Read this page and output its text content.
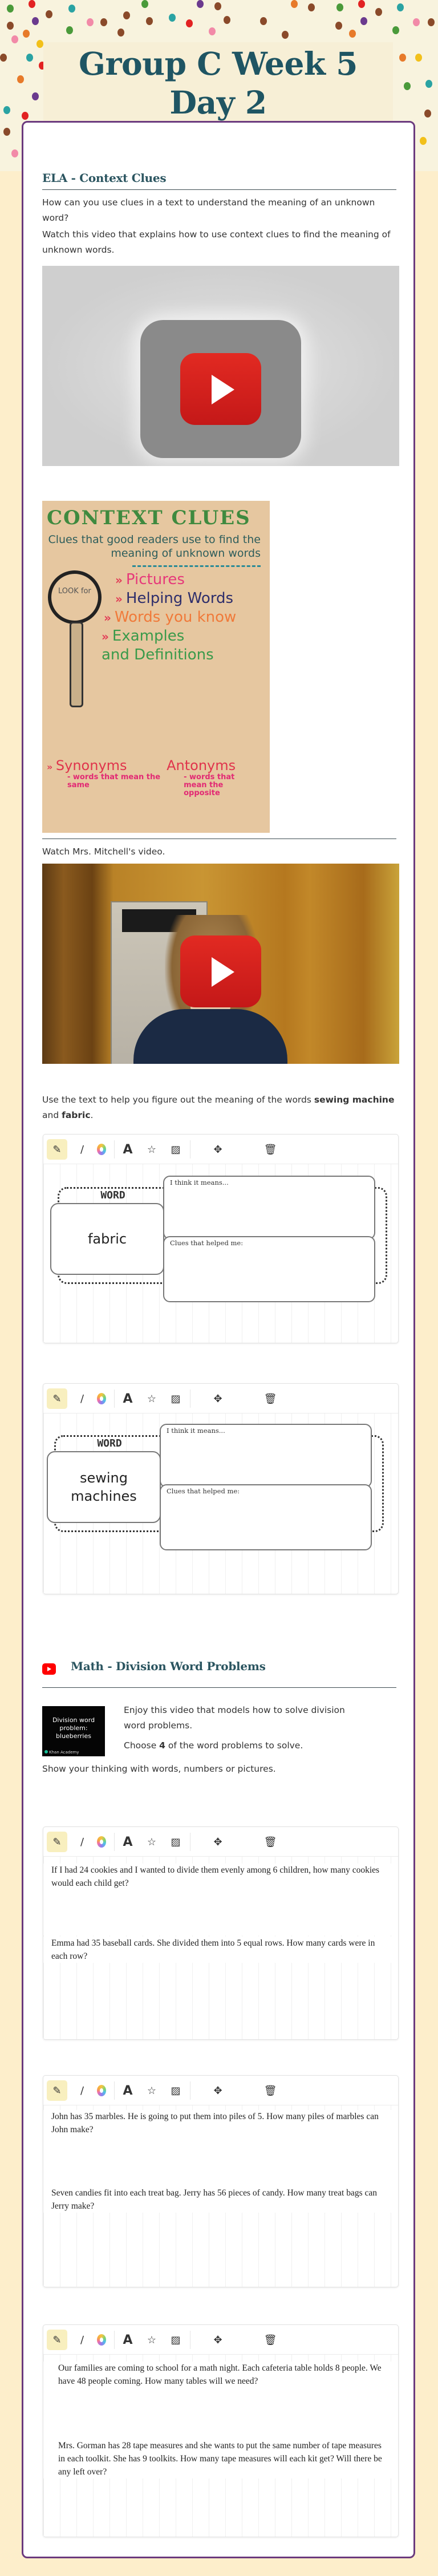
Group C Week 5 Day 2
ELA - Context Clues

How can you use clues in a text to understand the meaning of an unknown word?

Watch this video that explains how to use context clues to find the meaning of unknown words.

CONTEXT CLUES
Clues that good readers use to find the meaning of unknown words
LOOK for
» Pictures
» Helping Words
» Words you know
» Examples and Definitions
» Synonyms
- words that mean the same
Antonyms
- words that mean the opposite

Watch Mrs. Mitchell's video.

Use the text to help you figure out the meaning of the words sewing machine and fabric.

✎	∕	A	☆	▨	✥	🗑
WORD
fabric
I think it means...
Clues that helped me:
✎	∕	A	☆	▨	✥	🗑
WORD
sewing machines
I think it means...
Clues that helped me:
Math - Division Word Problems
Division word problem: blueberries
Khan Academy

Enjoy this video that models how to solve division word problems.

Choose 4 of the word problems to solve.

Show your thinking with words, numbers or pictures.

✎	∕	A	☆	▨	✥	🗑
If I had 24 cookies and I wanted to divide them evenly among 6 children, how many cookies would each child get?
Emma had 35 baseball cards. She divided them into 5 equal rows. How many cards were in each row?
✎	∕	A	☆	▨	✥	🗑
John has 35 marbles. He is going to put them into piles of 5. How many piles of marbles can John make?
Seven candies fit into each treat bag. Jerry has 56 pieces of candy. How many treat bags can Jerry make?
✎	∕	A	☆	▨	✥	🗑
Our families are coming to school for a math night. Each cafeteria table holds 8 people. We have 48 people coming. How many tables will we need?
Mrs. Gorman has 28 tape measures and she wants to put the same number of tape measures in each toolkit. She has 9 toolkits. How many tape measures will each kit get? Will there be any left over?
